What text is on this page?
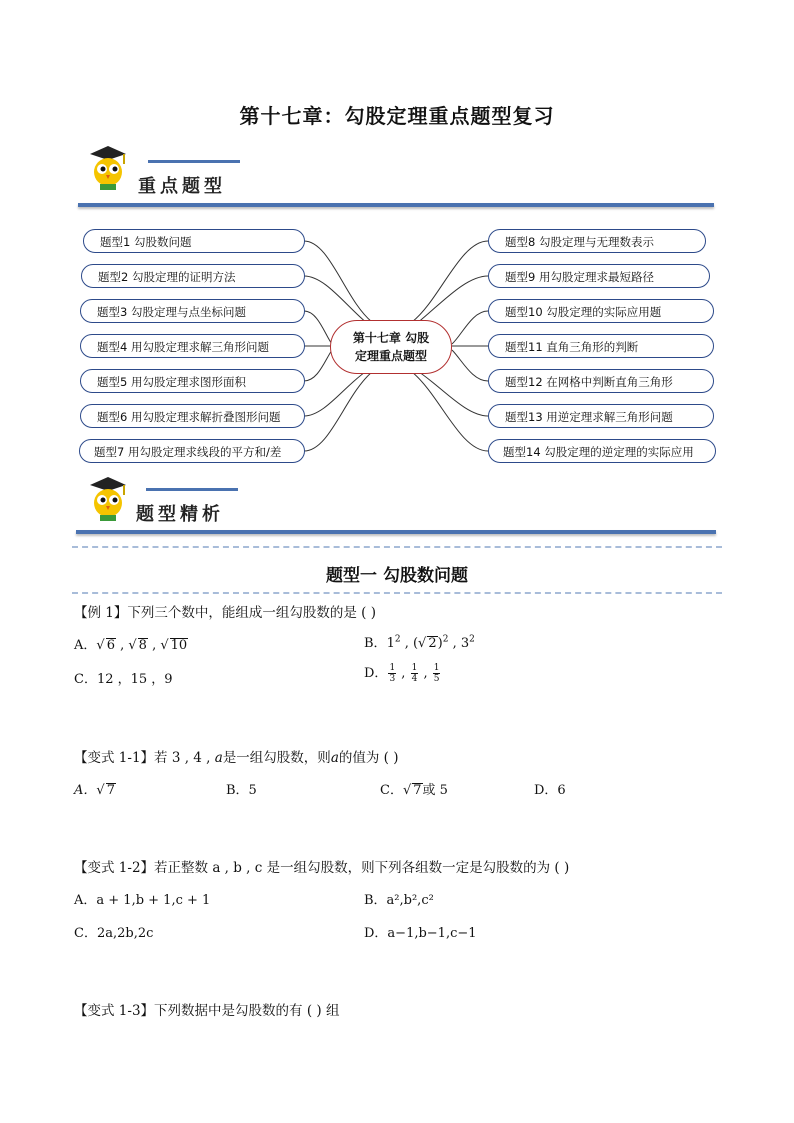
第十七章：勾股定理重点题型复习
重点题型
题型1 勾股数问题
题型2 勾股定理的证明方法
题型3 勾股定理与点坐标问题
题型4 用勾股定理求解三角形问题
题型5 用勾股定理求图形面积
题型6 用勾股定理求解折叠图形问题
题型7 用勾股定理求线段的平方和/差
第十七章 勾股
定理重点题型
题型8 勾股定理与无理数表示
题型9 用勾股定理求最短路径
题型10 勾股定理的实际应用题
题型11 直角三角形的判断
题型12 在网格中判断直角三角形
题型13 用逆定理求解三角形问题
题型14 勾股定理的逆定理的实际应用
题型精析
题型一 勾股数问题
【例 1】下列三个数中，能组成一组勾股数的是 ( )
A．√ 6 , √ 8 , √ 10	B．$1^2$ , (√ 2)$^2$ , $3^2$
C．12 ，15 ，9	D． $\frac{1}{3}$ , $\frac{1}{4}$ , $\frac{1}{5}$
【变式 1-1】若 3 , 4 , a是一组勾股数，则a的值为 ( )
A．√ 7	B．5	C．√ 7或 5	D．6
【变式 1-2】若正整数 a , b , c 是一组勾股数，则下列各组数一定是勾股数的为 ( )
A．a + 1,b + 1,c + 1	B．a²,b²,c²
C．2a,2b,2c	D．a−1,b−1,c−1
【变式 1-3】下列数据中是勾股数的有 ( ) 组
